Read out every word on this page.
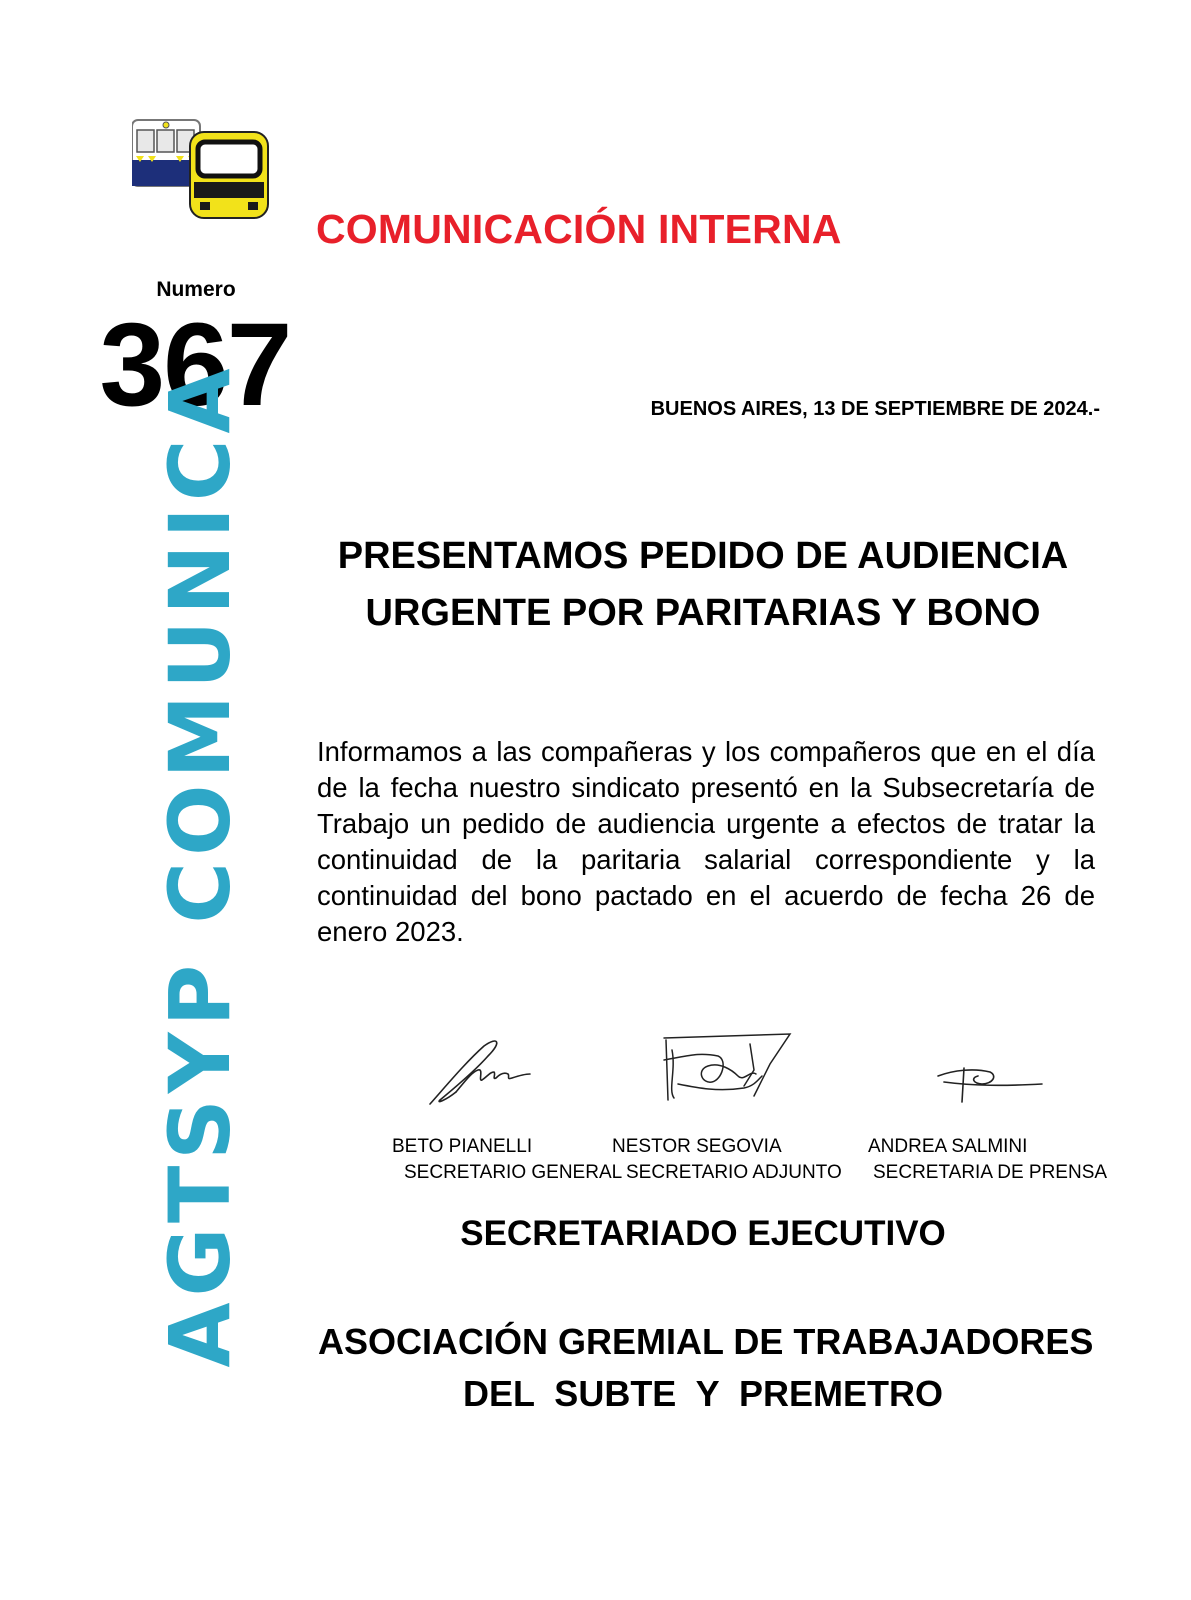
COMUNICACIÓN INTERNA
Numero
367	BUENOS AIRES, 13 DE SEPTIEMBRE DE 2024.-
AGTSYP COMUNICA	PRESENTAMOS PEDIDO DE AUDIENCIA
URGENTE POR PARITARIAS Y BONO
Informamos a las compañeras y los compañeros que en el día de la fecha nuestro sindicato presentó en la Subsecretaría de Trabajo un pedido de audiencia urgente a efectos de tratar la continuidad de la paritaria salarial correspondiente y la continuidad del bono pactado en el acuerdo de fecha 26 de enero 2023.
BETO PIANELLI
SECRETARIO GENERAL
NESTOR SEGOVIA
SECRETARIO ADJUNTO
ANDREA SALMINI
SECRETARIA DE PRENSA
SECRETARIADO EJECUTIVO
ASOCIACIÓN GREMIAL DE TRABAJADORES
DEL  SUBTE  Y  PREMETRO
